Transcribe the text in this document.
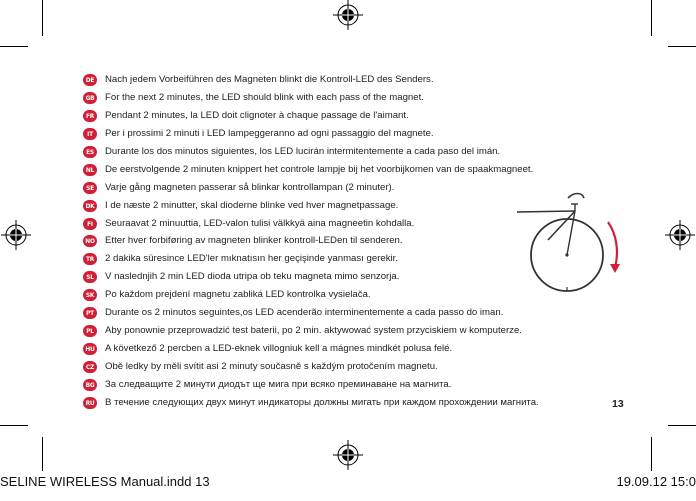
DE Nach jedem Vorbeiführen des Magneten blinkt die Kontroll-LED des Senders.
GB For the next 2 minutes, the LED should blink with each pass of the magnet.
FR	Pendant 2 minutes, la LED doit clignoter à chaque passage de l'aimant.
IT	Per i prossimi 2 minuti i LED lampeggeranno ad ogni passaggio del magnete.
ES	Durante los dos minutos siguientes, los LED lucirán intermitentemente a cada paso del imán.
NL	De eerstvolgende 2 minuten knippert het controle lampje bij het voorbijkomen van de spaakmagneet.
SE	Varje gång magneten passerar så blinkar kontrollampan (2 minuter).
DK I de næste 2 minutter, skal dioderne blinke ved hver magnetpassage.
FI	Seuraavat 2 minuuttia, LED-valon tulisi välkkyä aina magneetin kohdalla.
NO Etter hver forbiføring av magneten blinker kontroll-LEDen til senderen.
TR	2 dakika süresince LED'ler mıknatısın her geçişinde yanması gerekir.
SL	V naslednjih 2 min LED dioda utripa ob teku magneta mimo senzorja.
SK Po každom prejdení magnetu zabliká LED kontrolka vysielača.
PT	Durante os 2 minutos seguintes,os LED acenderão interminentemente a cada passo do iman.
PL	Aby ponownie przeprowadzić test baterii, po 2 min. aktywować system przyciskiem w komputerze.
HU A következő 2 percben a LED-eknek villogniuk kell a mágnes mindkét polusa felé.
CZ	Obě ledky by měli svítit asi 2 minuty současně s každým protočením magnetu.
BG За следващите 2 минути диодът ще мига при всяко преминаване на магнита.
RU В течение следующих двух минут индикаторы должны мигать при каждом прохождении магнита.	13
SELINE WIRELESS Manual.indd 13	19.09.12 15:0
